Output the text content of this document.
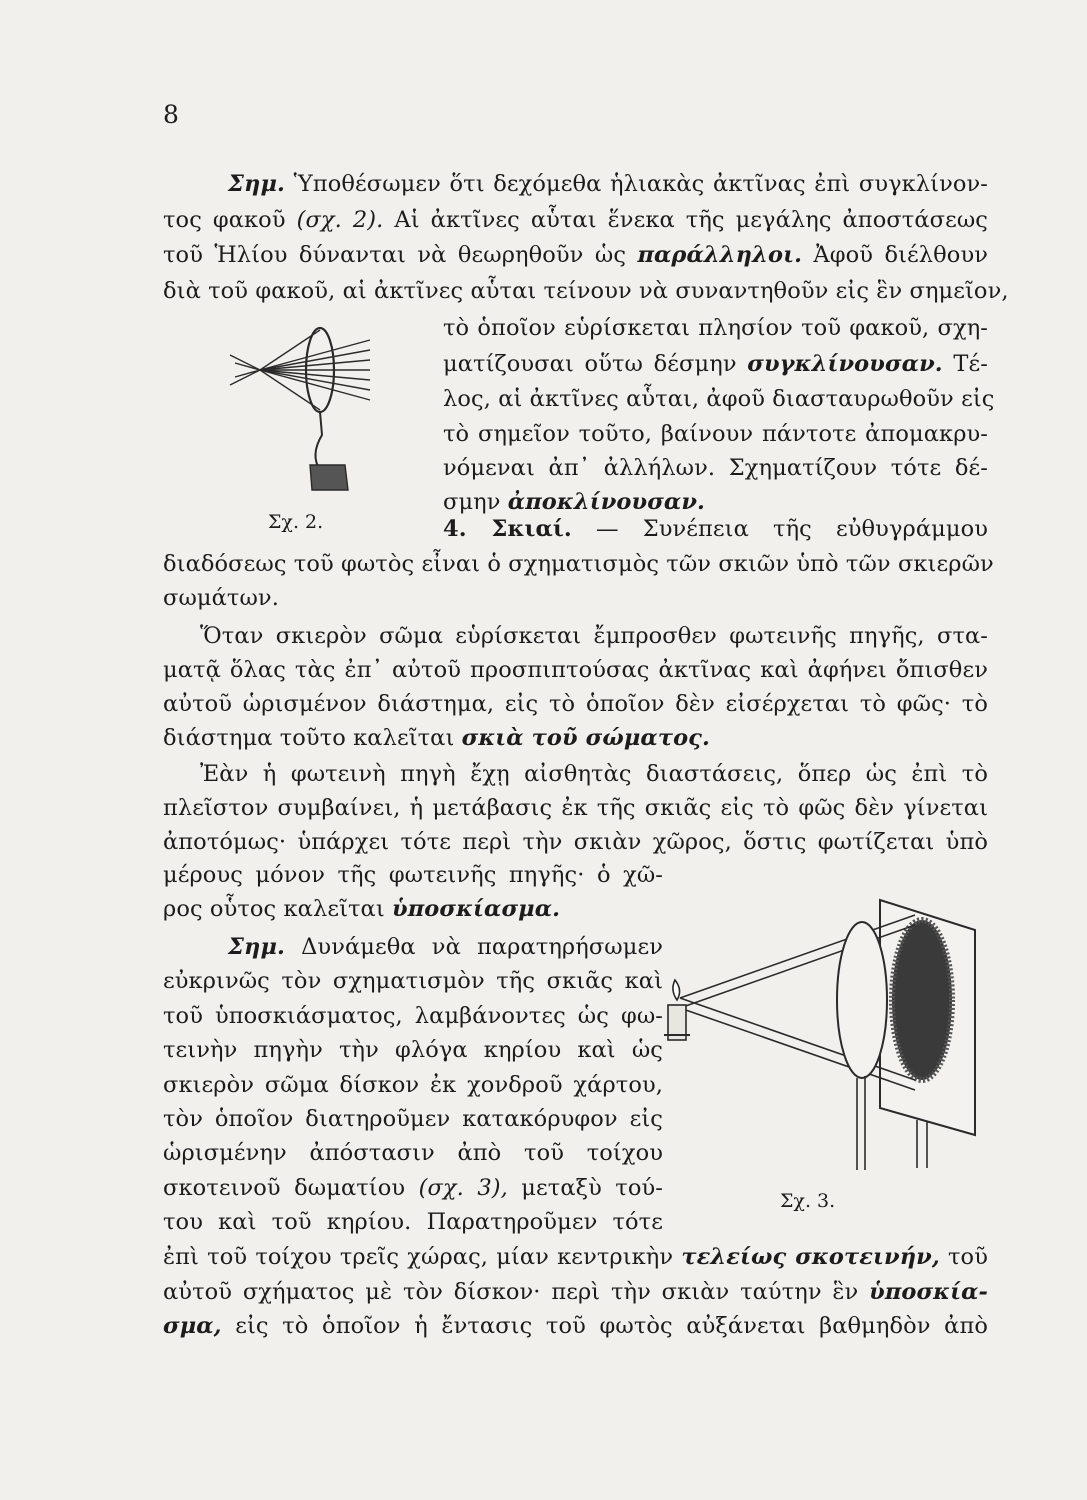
8
Σημ. Ὑποθέσωμεν ὅτι δεχόμεθα ἡλιακὰς ἀκτῖνας ἐπὶ συγκλίνον-
τος φακοῦ (σχ. 2). Αἱ ἀκτῖνες αὗται ἕνεκα τῆς μεγάλης ἀποστάσεως
τοῦ Ἡλίου δύνανται νὰ θεωρηθοῦν ὡς παράλληλοι. Ἀφοῦ διέλθουν
διὰ τοῦ φακοῦ, αἱ ἀκτῖνες αὗται τείνουν νὰ συναντηθοῦν εἰς ἓν σημεῖον,
τὸ ὁποῖον εὑρίσκεται πλησίον τοῦ φακοῦ, σχη-
ματίζουσαι οὕτω δέσμην συγκλίνουσαν. Τέ-
λος, αἱ ἀκτῖνες αὗται, ἀφοῦ διασταυρωθοῦν εἰς
τὸ σημεῖον τοῦτο, βαίνουν πάντοτε ἀπομακρυ-
νόμεναι ἀπ᾽ ἀλλήλων. Σχηματίζουν τότε δέ-
σμην ἀποκλίνουσαν.
Σχ. 2.	4. Σκιαί. — Συνέπεια τῆς εὐθυγράμμου
διαδόσεως τοῦ φωτὸς εἶναι ὁ σχηματισμὸς τῶν σκιῶν ὑπὸ τῶν σκιερῶν
σωμάτων.
Ὅταν σκιερὸν σῶμα εὑρίσκεται ἔμπροσθεν φωτεινῆς πηγῆς, στα-
ματᾷ ὅλας τὰς ἐπ᾽ αὐτοῦ προσπιπτούσας ἀκτῖνας καὶ ἀφήνει ὄπισθεν
αὐτοῦ ὡρισμένον διάστημα, εἰς τὸ ὁποῖον δὲν εἰσέρχεται τὸ φῶς· τὸ
διάστημα τοῦτο καλεῖται σκιὰ τοῦ σώματος.
Ἐὰν ἡ φωτεινὴ πηγὴ ἔχῃ αἰσθητὰς διαστάσεις, ὅπερ ὡς ἐπὶ τὸ
πλεῖστον συμβαίνει, ἡ μετάβασις ἐκ τῆς σκιᾶς εἰς τὸ φῶς δὲν γίνεται
ἀποτόμως· ὑπάρχει τότε περὶ τὴν σκιὰν χῶρος, ὅστις φωτίζεται ὑπὸ
μέρους μόνον τῆς φωτεινῆς πηγῆς· ὁ χῶ-
ρος οὗτος καλεῖται ὑποσκίασμα.
Σημ. Δυνάμεθα νὰ παρατηρήσωμεν
εὐκρινῶς τὸν σχηματισμὸν τῆς σκιᾶς καὶ
τοῦ ὑποσκιάσματος, λαμβάνοντες ὡς φω-
τεινὴν πηγὴν τὴν φλόγα κηρίου καὶ ὡς
σκιερὸν σῶμα δίσκον ἐκ χονδροῦ χάρτου,
τὸν ὁποῖον διατηροῦμεν κατακόρυφον εἰς
ὡρισμένην ἀπόστασιν ἀπὸ τοῦ τοίχου
σκοτεινοῦ δωματίου (σχ. 3), μεταξὺ τού-
του καὶ τοῦ κηρίου. Παρατηροῦμεν τότε
Σχ. 3.
ἐπὶ τοῦ τοίχου τρεῖς χώρας, μίαν κεντρικὴν τελείως σκοτεινήν, τοῦ
αὐτοῦ σχήματος μὲ τὸν δίσκον· περὶ τὴν σκιὰν ταύτην ἓν ὑποσκία-
σμα, εἰς τὸ ὁποῖον ἡ ἔντασις τοῦ φωτὸς αὐξάνεται βαθμηδὸν ἀπὸ
